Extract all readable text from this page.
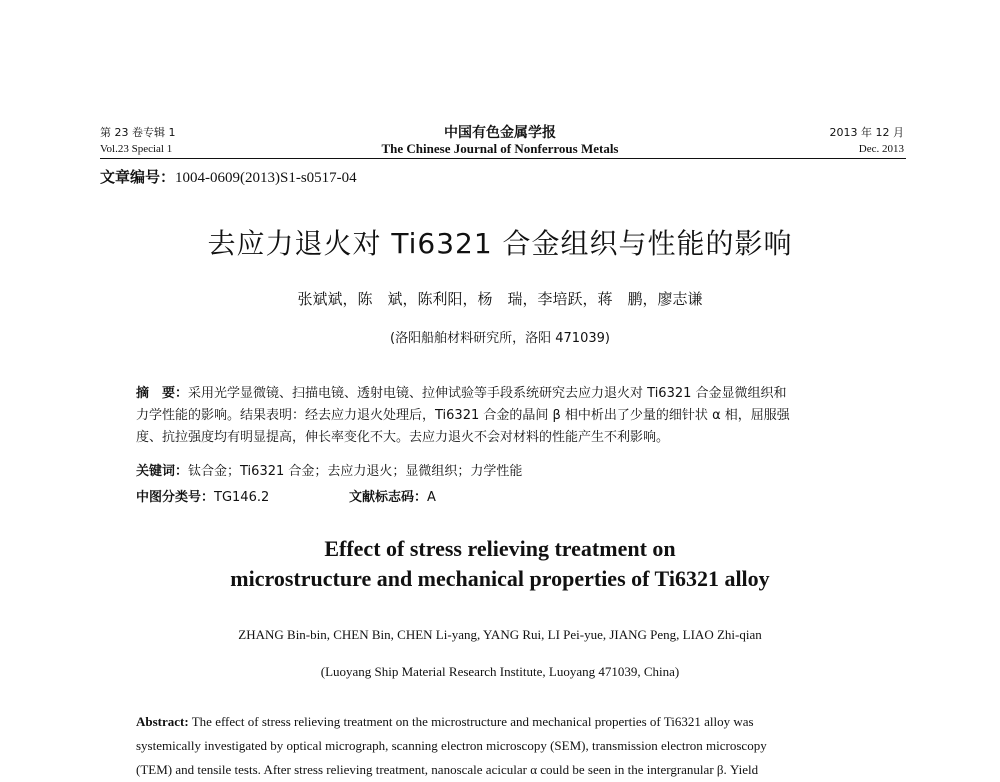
第 23 卷专辑 1
Vol.23 Special 1
中国有色金属学报
The Chinese Journal of Nonferrous Metals
2013 年 12 月
Dec. 2013
文章编号：1004-0609(2013)S1-s0517-04
去应力退火对 Ti6321 合金组织与性能的影响
张斌斌，陈　斌，陈利阳，杨　瑞，李培跃，蒋　鹏，廖志谦
(洛阳船舶材料研究所，洛阳 471039)
摘　要：采用光学显微镜、扫描电镜、透射电镜、拉伸试验等手段系统研究去应力退火对 Ti6321 合金显微组织和
力学性能的影响。结果表明：经去应力退火处理后，Ti6321 合金的晶间 β 相中析出了少量的细针状 α 相，屈服强
度、抗拉强度均有明显提高，伸长率变化不大。去应力退火不会对材料的性能产生不利影响。
关键词：钛合金；Ti6321 合金；去应力退火；显微组织；力学性能
中图分类号：TG146.2	文献标志码：A
Effect of stress relieving treatment on
microstructure and mechanical properties of Ti6321 alloy
ZHANG Bin-bin, CHEN Bin, CHEN Li-yang, YANG Rui, LI Pei-yue, JIANG Peng, LIAO Zhi-qian
(Luoyang Ship Material Research Institute, Luoyang 471039, China)
Abstract: The effect of stress relieving treatment on the microstructure and mechanical properties of Ti6321 alloy was
systemically investigated by optical micrograph, scanning electron microscopy (SEM), transmission electron microscopy
(TEM) and tensile tests. After stress relieving treatment, nanoscale acicular α could be seen in the intergranular β. Yield
